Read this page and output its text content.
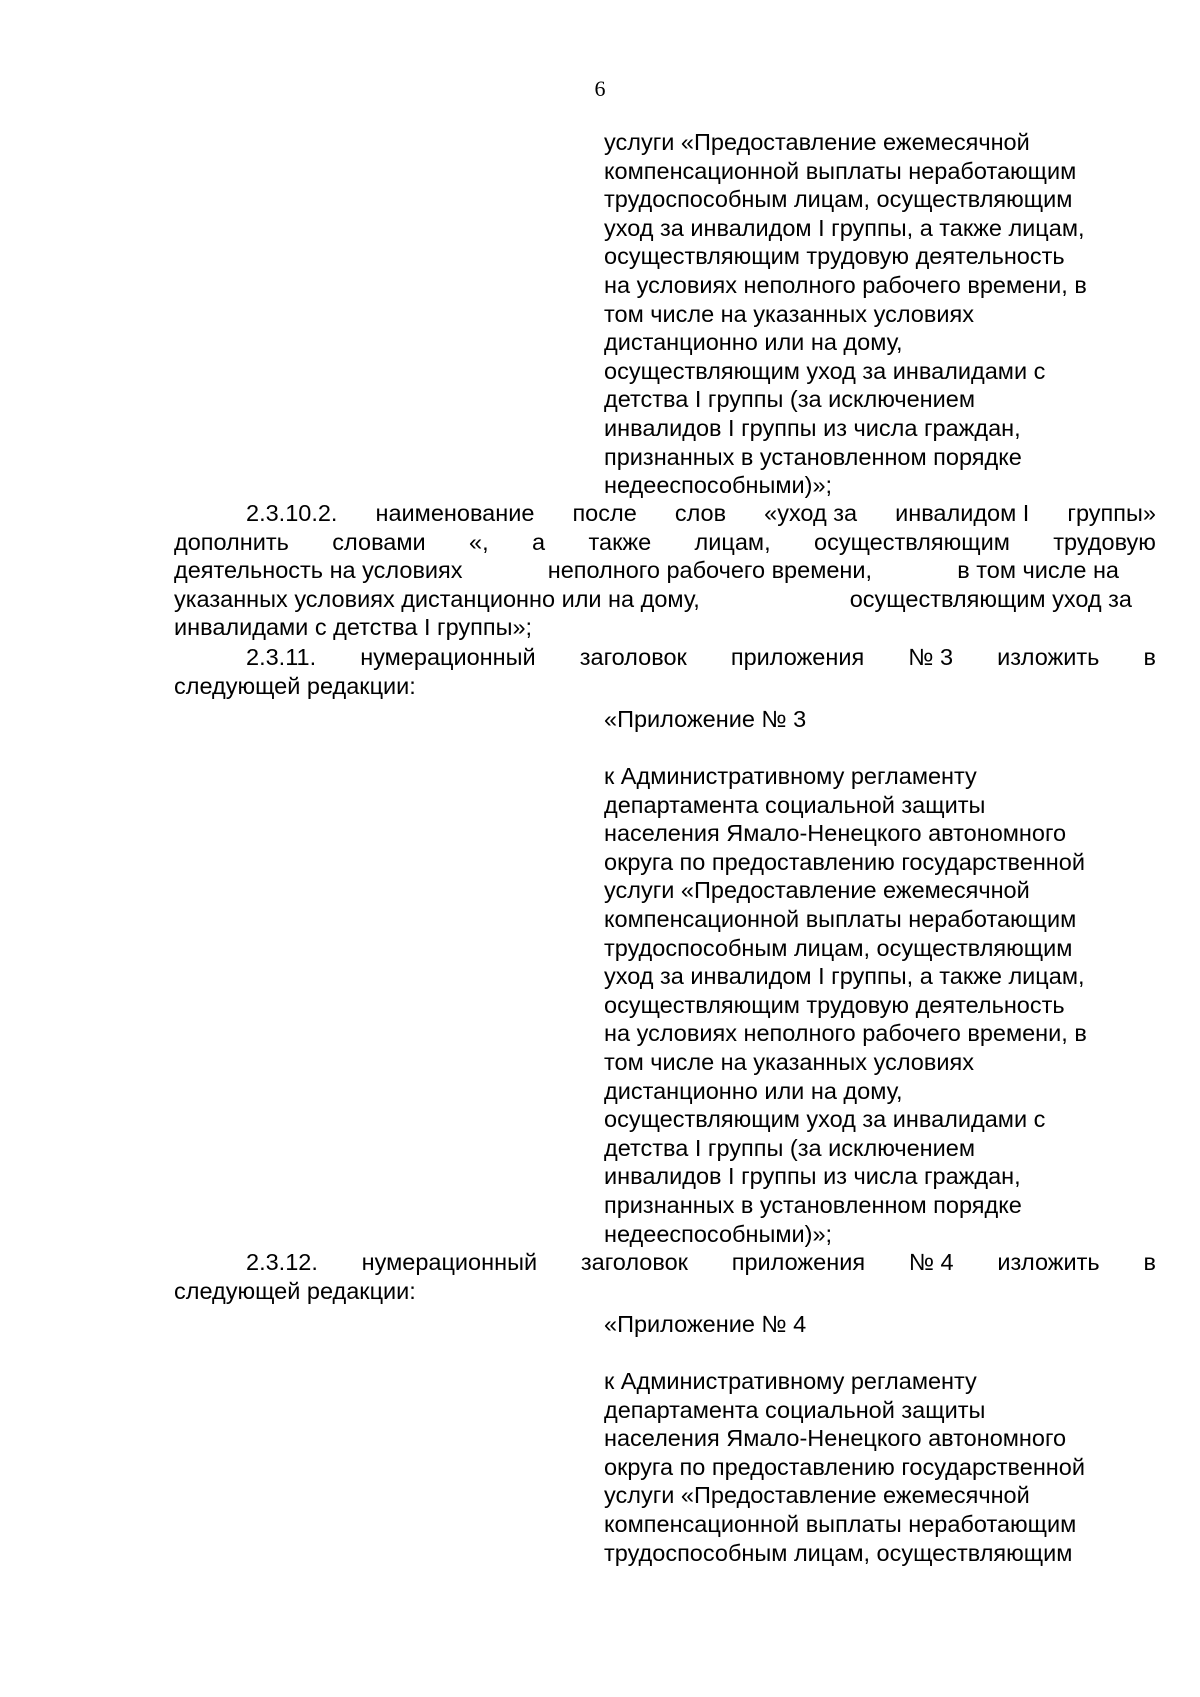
6
услуги «Предоставление ежемесячной
компенсационной выплаты неработающим
трудоспособным лицам, осуществляющим
уход за инвалидом I группы, а также лицам,
осуществляющим трудовую деятельность
на условиях неполного рабочего времени, в
том числе на указанных условиях
дистанционно или на дому,
осуществляющим уход за инвалидами с
детства I группы (за исключением
инвалидов I группы из числа граждан,
признанных в установленном порядке
недееспособными)»;
2.3.10.2. наименование после слов «уход за инвалидом I группы»
дополнить словами «, а также лицам, осуществляющим трудовую
деятельность на условиях	неполного рабочего времени,	в том числе на
указанных условиях дистанционно или на дому,	осуществляющим уход за
инвалидами с детства I группы»;
2.3.11. нумерационный заголовок приложения № 3 изложить в
следующей редакции:
«Приложение № 3
к Административному регламенту
департамента социальной защиты
населения Ямало-Ненецкого автономного
округа по предоставлению государственной
услуги «Предоставление ежемесячной
компенсационной выплаты неработающим
трудоспособным лицам, осуществляющим
уход за инвалидом I группы, а также лицам,
осуществляющим трудовую деятельность
на условиях неполного рабочего времени, в
том числе на указанных условиях
дистанционно или на дому,
осуществляющим уход за инвалидами с
детства I группы (за исключением
инвалидов I группы из числа граждан,
признанных в установленном порядке
недееспособными)»;
2.3.12. нумерационный заголовок приложения № 4 изложить в
следующей редакции:
«Приложение № 4
к Административному регламенту
департамента социальной защиты
населения Ямало-Ненецкого автономного
округа по предоставлению государственной
услуги «Предоставление ежемесячной
компенсационной выплаты неработающим
трудоспособным лицам, осуществляющим
